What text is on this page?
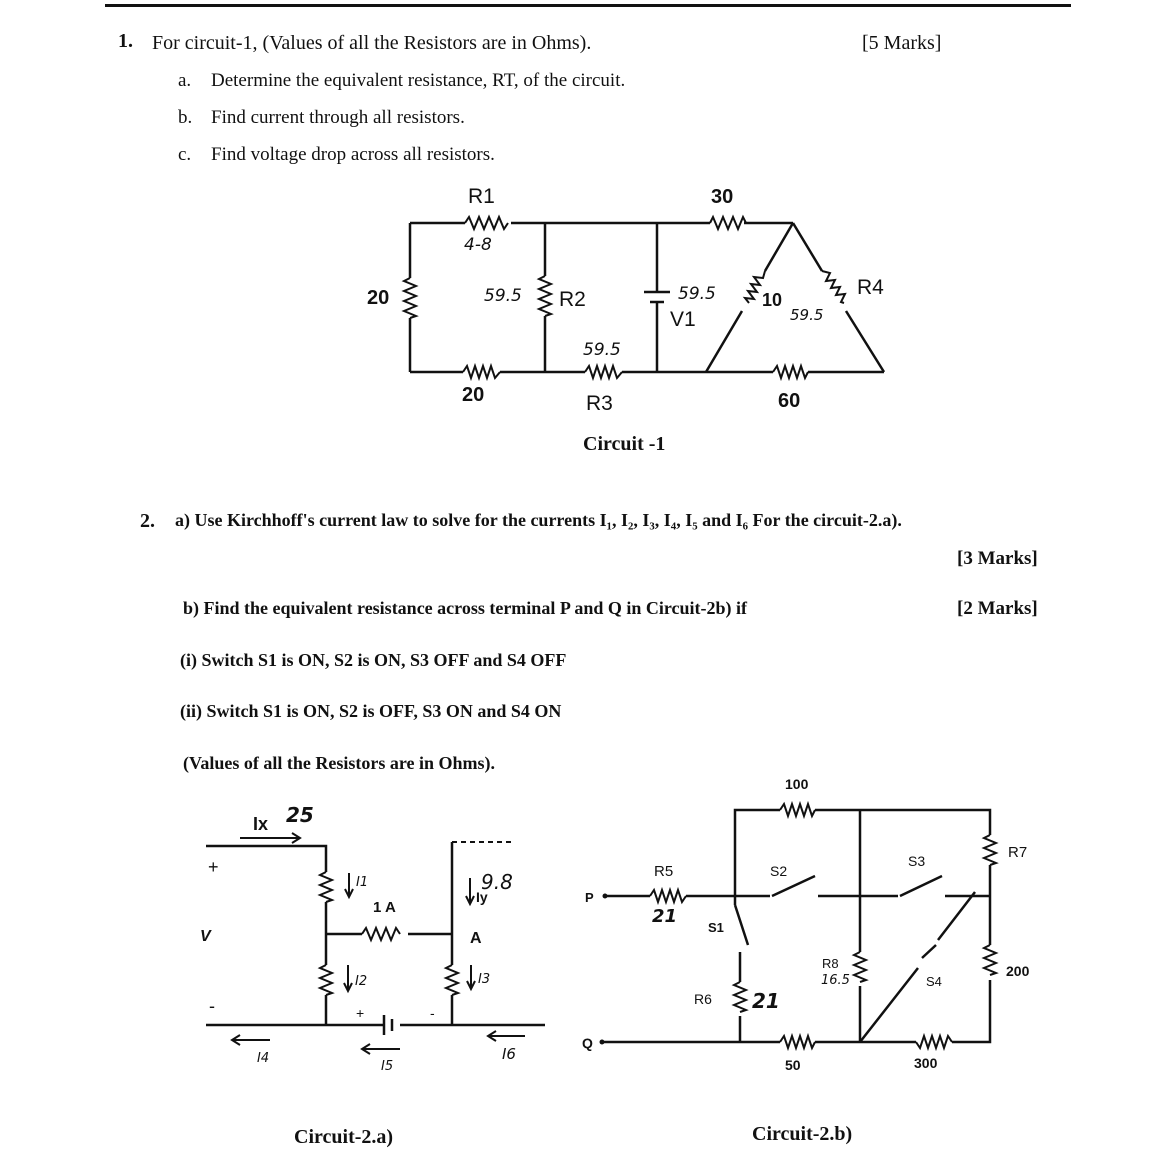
1. For circuit-1, (Values of all the Resistors are in Ohms).	[5 Marks]
a. Determine the equivalent resistance, RT, of the circuit.
b. Find current through all resistors.
c. Find voltage drop across all resistors.
R1
4-8
30
20	59.5 R2	59.5
V1
10
59.5
R4
59.5
20	R3	60
Circuit -1
2. a) Use Kirchhoff's current law to solve for the currents I₁, I₂, I₃, I₄, I₅ and I₆ For the circuit-2.a).
[3 Marks]
b) Find the equivalent resistance across terminal P and Q in Circuit-2b) if	[2 Marks]
(i) Switch S1 is ON, S2 is ON, S3 OFF and S4 OFF
(ii) Switch S1 is ON, S2 is OFF, S3 ON and S4 ON
(Values of all the Resistors are in Ohms).
Ix 25
+
V
-
I1
1 A
A
Iy
9.8
I2	I3
+	-
I4
I5
I6
Circuit-2.a)
P
Q
R5
21
100
S1
S2
S3	R7
R6 21
R8
16.5	S4
200
50	300
Circuit-2.b)
